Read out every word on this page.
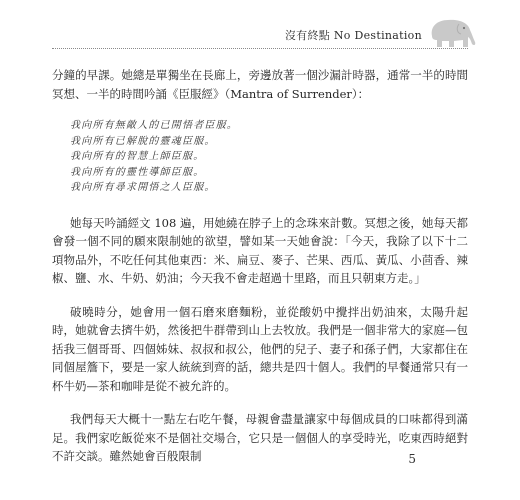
沒有終點 No Destination

分鐘的早課。她總是單獨坐在長廊上，旁邊放著一個沙漏計時器，通常一半的時間冥想、一半的時間吟誦《臣服經》（Mantra of Surrender）：

我向所有無敵人的已開悟者臣服。
我向所有已解脫的靈魂臣服。
我向所有的智慧上師臣服。
我向所有的靈性導師臣服。
我向所有尋求開悟之人臣服。

她每天吟誦經文 108 遍，用她繞在脖子上的念珠來計數。冥想之後，她每天都會發一個不同的願來限制她的欲望，譬如某一天她會說：「今天，我除了以下十二項物品外，不吃任何其他東西：米、扁豆、麥子、芒果、西瓜、黃瓜、小茴香、辣椒、鹽、水、牛奶、奶油；今天我不會走超過十里路，而且只朝東方走。」

破曉時分，她會用一個石磨來磨麵粉，並從酸奶中攪拌出奶油來，太陽升起時，她就會去擠牛奶，然後把牛群帶到山上去牧放。我們是一個非常大的家庭—包括我三個哥哥、四個姊妹、叔叔和叔公，他們的兒子、妻子和孫子們，大家都住在同個屋簷下，要是一家人統統到齊的話，總共是四十個人。我們的早餐通常只有一杯牛奶—茶和咖啡是從不被允許的。

我們每天大概十一點左右吃午餐，母親會盡量讓家中每個成員的口味都得到滿足。我們家吃飯從來不是個社交場合，它只是一個個人的享受時光，吃東西時絕對不許交談。雖然她會百般限制	5
